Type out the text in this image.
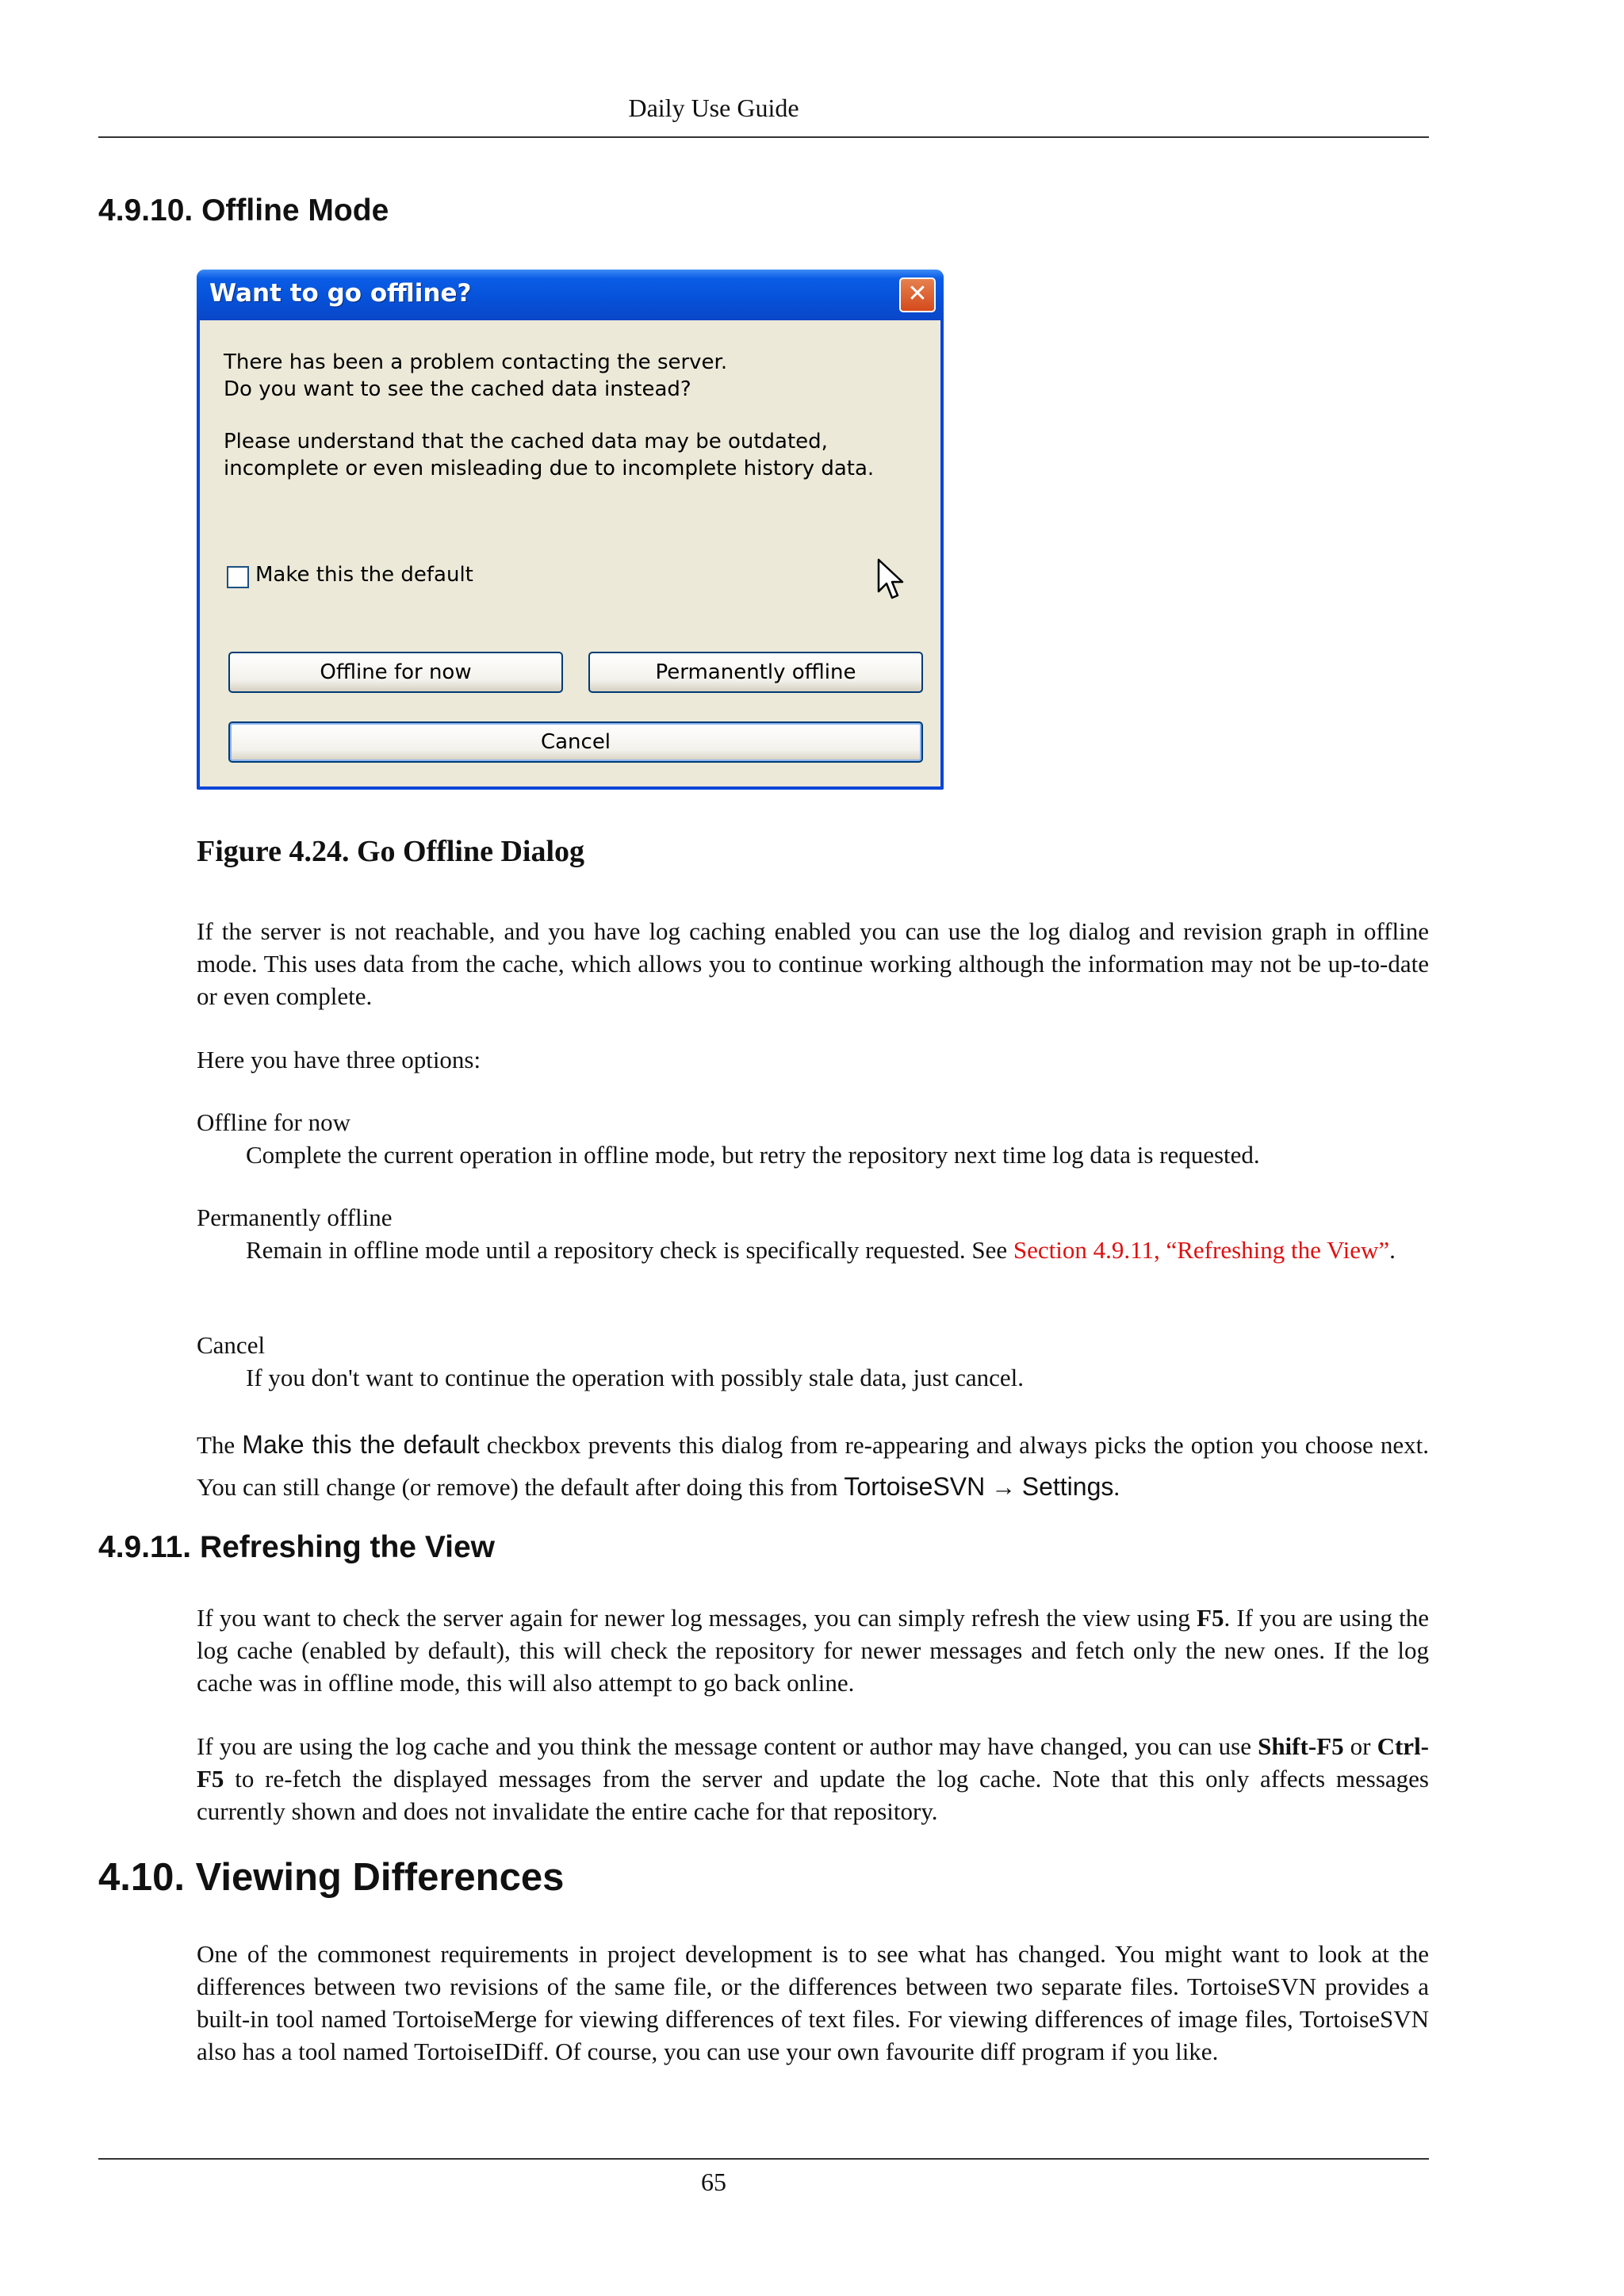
Daily Use Guide
4.9.10. Offline Mode
Want to go offline?	✕
There has been a problem contacting the server.
Do you want to see the cached data instead?
Please understand that the cached data may be outdated,
incomplete or even misleading due to incomplete history data.
Make this the default
Offline for now	Permanently offline
Cancel
Figure 4.24. Go Offline Dialog
If the server is not reachable, and you have log caching enabled you can use the log dialog and revision graph in offline mode. This uses data from the cache, which allows you to continue working although the information may not be up-to-date or even complete.
Here you have three options:
Offline for now
Complete the current operation in offline mode, but retry the repository next time log data is requested.
Permanently offline
Remain in offline mode until a repository check is specifically requested. See Section 4.9.11, “Refreshing the View”.
Cancel
If you don't want to continue the operation with possibly stale data, just cancel.
The Make this the default checkbox prevents this dialog from re-appearing and always picks the option you choose next. You can still change (or remove) the default after doing this from TortoiseSVN → Settings.
4.9.11. Refreshing the View
If you want to check the server again for newer log messages, you can simply refresh the view using F5. If you are using the log cache (enabled by default), this will check the repository for newer messages and fetch only the new ones. If the log cache was in offline mode, this will also attempt to go back online.
If you are using the log cache and you think the message content or author may have changed, you can use Shift-F5 or Ctrl-F5 to re-fetch the displayed messages from the server and update the log cache. Note that this only affects messages currently shown and does not invalidate the entire cache for that repository.
4.10. Viewing Differences
One of the commonest requirements in project development is to see what has changed. You might want to look at the differences between two revisions of the same file, or the differences between two separate files. TortoiseSVN provides a built-in tool named TortoiseMerge for viewing differences of text files. For viewing differences of image files, TortoiseSVN also has a tool named TortoiseIDiff. Of course, you can use your own favourite diff program if you like.
65
